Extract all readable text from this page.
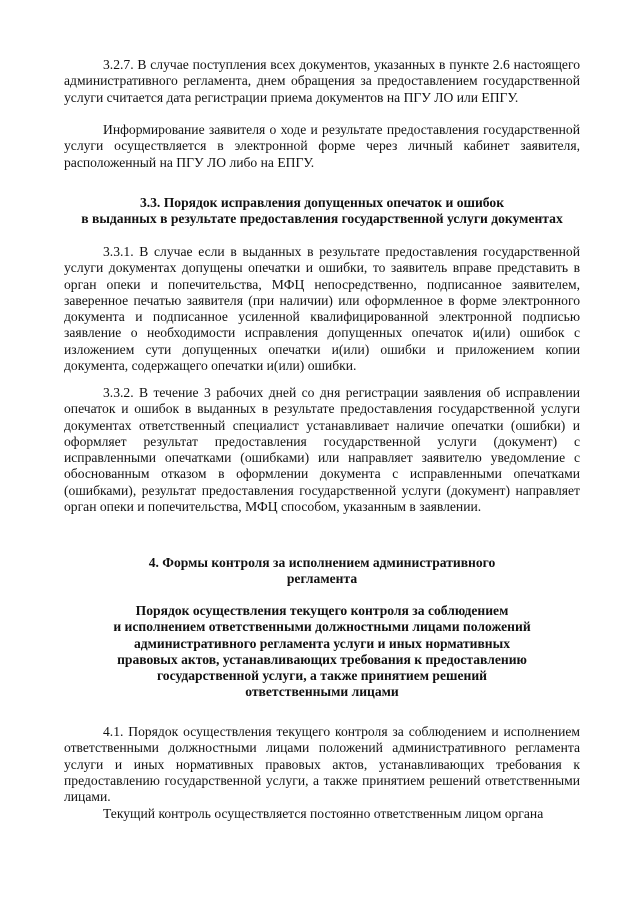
3.2.7. В случае поступления всех документов, указанных в пункте 2.6 настоящего административного регламента, днем обращения за предоставлением государственной услуги считается дата регистрации приема документов на ПГУ ЛО или ЕПГУ.

Информирование заявителя о ходе и результате предоставления государственной услуги осуществляется в электронной форме через личный кабинет заявителя, расположенный на ПГУ ЛО либо на ЕПГУ.

3.3. Порядок исправления допущенных опечаток и ошибок
в выданных в результате предоставления государственной услуги документах

3.3.1. В случае если в выданных в результате предоставления государственной услуги документах допущены опечатки и ошибки, то заявитель вправе представить в орган опеки и попечительства, МФЦ непосредственно, подписанное заявителем, заверенное печатью заявителя (при наличии) или оформленное в форме электронного документа и подписанное усиленной квалифицированной электронной подписью заявление о необходимости исправления допущенных опечаток и(или) ошибок с изложением сути допущенных опечатки и(или) ошибки и приложением копии документа, содержащего опечатки и(или) ошибки.

3.3.2. В течение 3 рабочих дней со дня регистрации заявления об исправлении опечаток и ошибок в выданных в результате предоставления государственной услуги документах ответственный специалист устанавливает наличие опечатки (ошибки) и оформляет результат предоставления государственной услуги (документ) с исправленными опечатками (ошибками) или направляет заявителю уведомление с обоснованным отказом в оформлении документа с исправленными опечатками (ошибками), результат предоставления государственной услуги (документ) направляет орган опеки и попечительства, МФЦ способом, указанным в заявлении.

4. Формы контроля за исполнением административного
регламента
Порядок осуществления текущего контроля за соблюдением
и исполнением ответственными должностными лицами положений
административного регламента услуги и иных нормативных
правовых актов, устанавливающих требования к предоставлению
государственной услуги, а также принятием решений
ответственными лицами

4.1. Порядок осуществления текущего контроля за соблюдением и исполнением ответственными должностными лицами положений административного регламента услуги и иных нормативных правовых актов, устанавливающих требования к предоставлению государственной услуги, а также принятием решений ответственными лицами.

Текущий контроль осуществляется постоянно ответственным лицом органа
